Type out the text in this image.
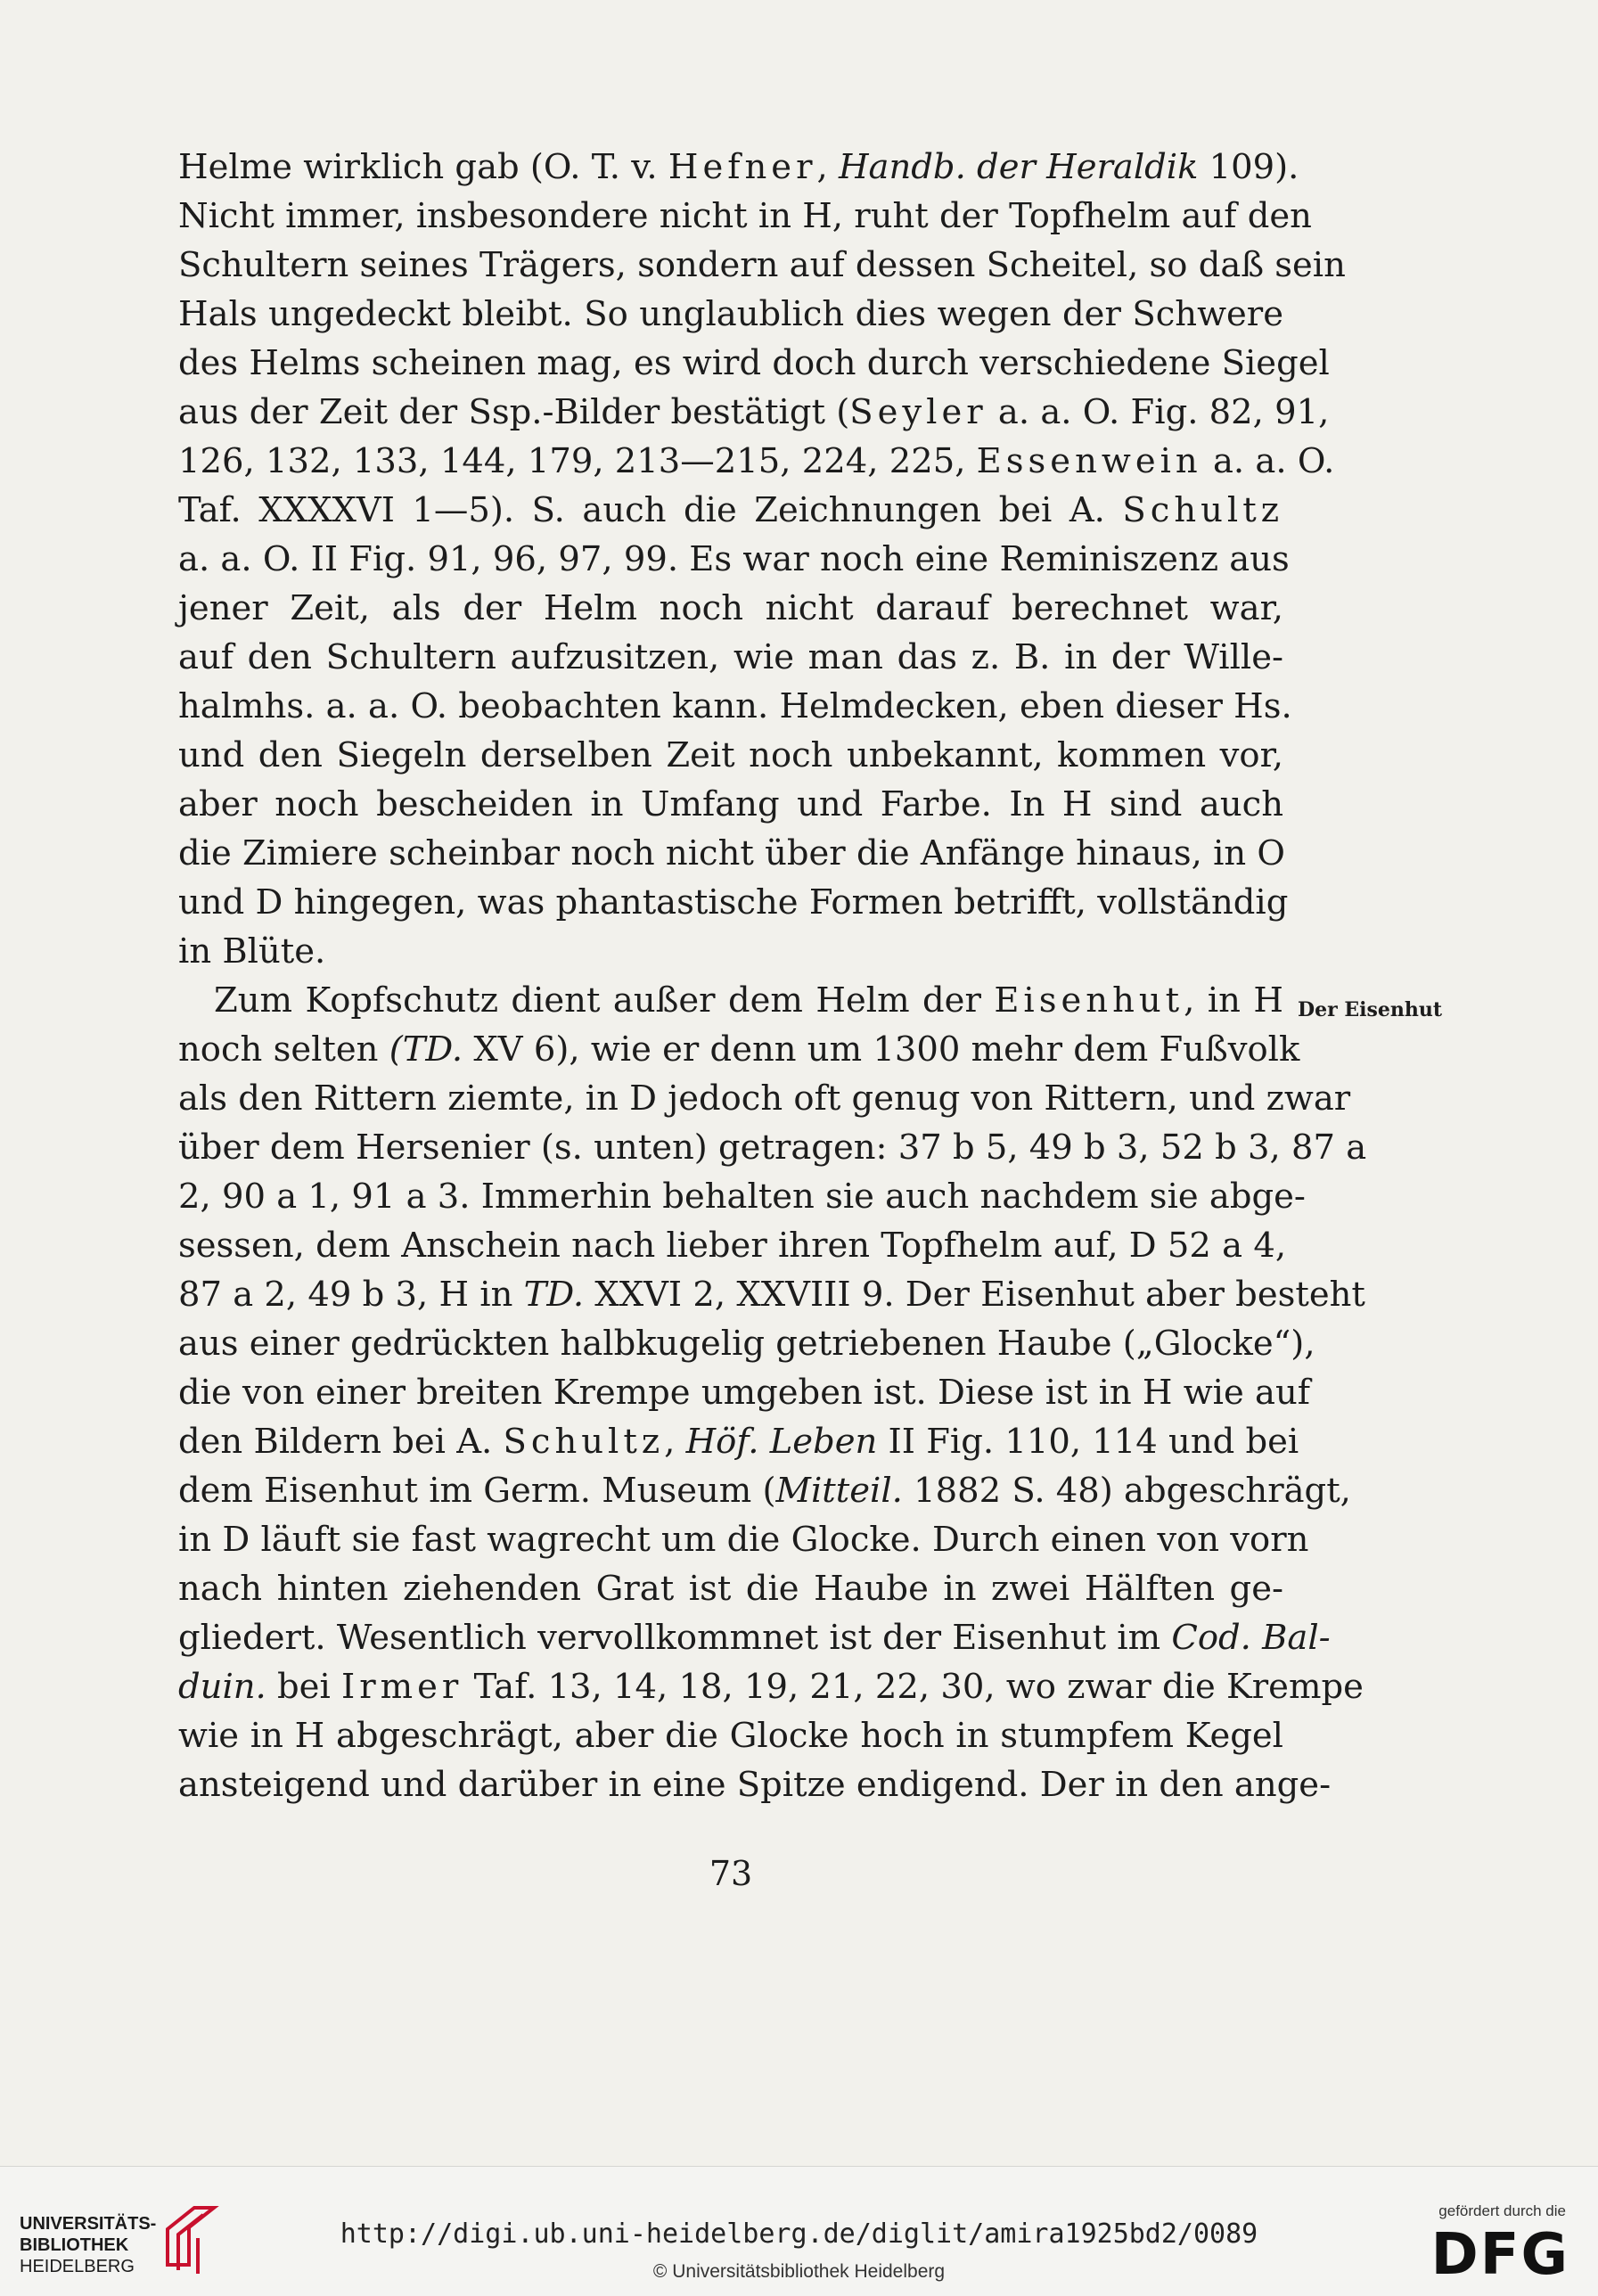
Helme wirklich gab (O. T. v. Hefner, Handb. der Heraldik 109).
Nicht immer, insbesondere nicht in H, ruht der Topfhelm auf den
Schultern seines Trägers, sondern auf dessen Scheitel, so daß sein
Hals ungedeckt bleibt. So unglaublich dies wegen der Schwere
des Helms scheinen mag, es wird doch durch verschiedene Siegel
aus der Zeit der Ssp.-Bilder bestätigt (Seyler a. a. O. Fig. 82, 91,
126, 132, 133, 144, 179, 213—215, 224, 225, Essenwein a. a. O.
Taf. XXXXVI 1—5). S. auch die Zeichnungen bei A. Schultz
a. a. O. II Fig. 91, 96, 97, 99. Es war noch eine Reminiszenz aus
jener Zeit, als der Helm noch nicht darauf berechnet war,
auf den Schultern aufzusitzen, wie man das z. B. in der Wille-
halmhs. a. a. O. beobachten kann. Helmdecken, eben dieser Hs.
und den Siegeln derselben Zeit noch unbekannt, kommen vor,
aber noch bescheiden in Umfang und Farbe. In H sind auch
die Zimiere scheinbar noch nicht über die Anfänge hinaus, in O
und D hingegen, was phantastische Formen betrifft, vollständig
in Blüte.
Zum Kopfschutz dient außer dem Helm der Eisenhut, in H
noch selten (TD. XV 6), wie er denn um 1300 mehr dem Fußvolk
als den Rittern ziemte, in D jedoch oft genug von Rittern, und zwar
über dem Hersenier (s. unten) getragen: 37 b 5, 49 b 3, 52 b 3, 87 a
2, 90 a 1, 91 a 3. Immerhin behalten sie auch nachdem sie abge-
sessen, dem Anschein nach lieber ihren Topfhelm auf, D 52 a 4,
87 a 2, 49 b 3, H in TD. XXVI 2, XXVIII 9. Der Eisenhut aber besteht
aus einer gedrückten halbkugelig getriebenen Haube („Glocke“),
die von einer breiten Krempe umgeben ist. Diese ist in H wie auf
den Bildern bei A. Schultz, Höf. Leben II Fig. 110, 114 und bei
dem Eisenhut im Germ. Museum (Mitteil. 1882 S. 48) abgeschrägt,
in D läuft sie fast wagrecht um die Glocke. Durch einen von vorn
nach hinten ziehenden Grat ist die Haube in zwei Hälften ge-
gliedert. Wesentlich vervollkommnet ist der Eisenhut im Cod. Bal-
duin. bei Irmer Taf. 13, 14, 18, 19, 21, 22, 30, wo zwar die Krempe
wie in H abgeschrägt, aber die Glocke hoch in stumpfem Kegel
ansteigend und darüber in eine Spitze endigend. Der in den ange-
Der Eisenhut
73
UNIVERSITÄTS-
BIBLIOTHEK
HEIDELBERG
http://digi.ub.uni-heidelberg.de/diglit/amira1925bd2/0089
© Universitätsbibliothek Heidelberg
gefördert durch die
DFG
